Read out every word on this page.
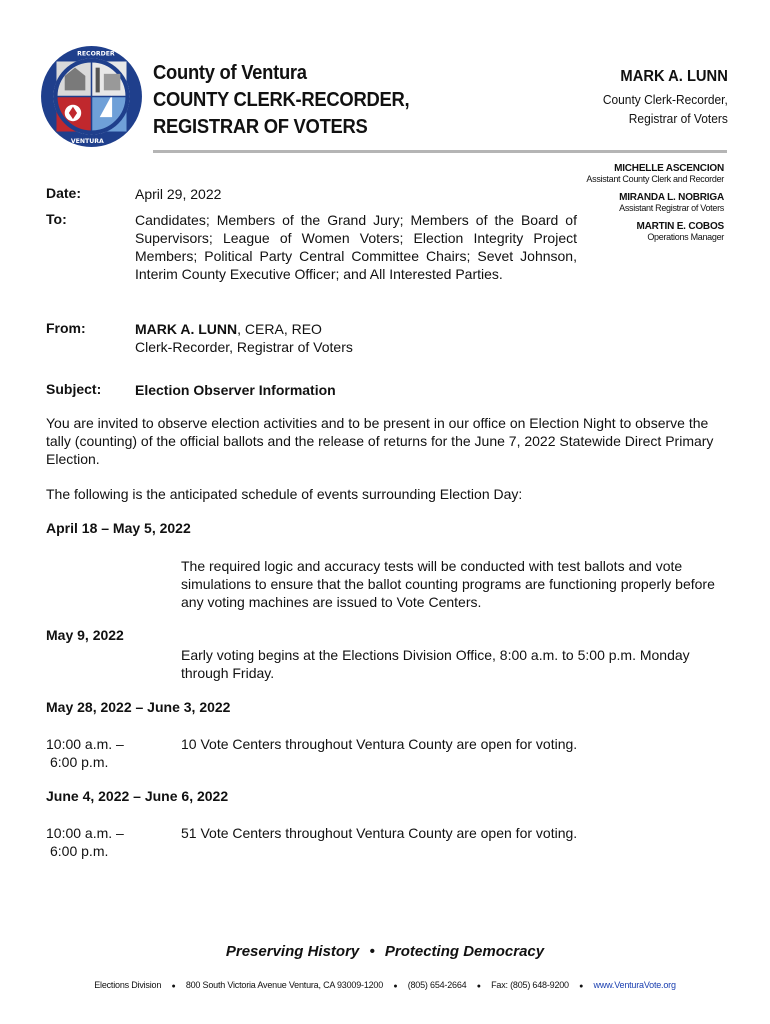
RECORDER
VENTURA
County of Ventura
COUNTY CLERK-RECORDER,
REGISTRAR OF VOTERS
MARK A. LUNN
County Clerk-Recorder,
Registrar of Voters
MICHELLE ASCENCION
Assistant County Clerk and Recorder
MIRANDA L. NOBRIGA
Assistant Registrar of Voters
MARTIN E. COBOS
Operations Manager
Date:	April 29, 2022
To:	Candidates; Members of the Grand Jury; Members of the Board of Supervisors; League of Women Voters; Election Integrity Project Members; Political Party Central Committee Chairs; Sevet Johnson, Interim County Executive Officer; and All Interested Parties.
From:	MARK A. LUNN, CERA, REO
Clerk-Recorder, Registrar of Voters
Subject: Election Observer Information
You are invited to observe election activities and to be present in our office on Election Night to observe the tally (counting) of the official ballots and the release of returns for the June 7, 2022 Statewide Direct Primary Election.
The following is the anticipated schedule of events surrounding Election Day:
April 18 – May 5, 2022
The required logic and accuracy tests will be conducted with test ballots and vote simulations to ensure that the ballot counting programs are functioning properly before any voting machines are issued to Vote Centers.
May 9, 2022
Early voting begins at the Elections Division Office, 8:00 a.m. to 5:00 p.m. Monday through Friday.
May 28, 2022 – June 3, 2022
10:00 a.m. –
6:00 p.m.
10 Vote Centers throughout Ventura County are open for voting.
June 4, 2022 – June 6, 2022
10:00 a.m. –
6:00 p.m.
51 Vote Centers throughout Ventura County are open for voting.
Preserving History • Protecting Democracy
Elections Division ● 800 South Victoria Avenue Ventura, CA 93009-1200 ● (805) 654-2664 ● Fax: (805) 648-9200 ● www.VenturaVote.org
